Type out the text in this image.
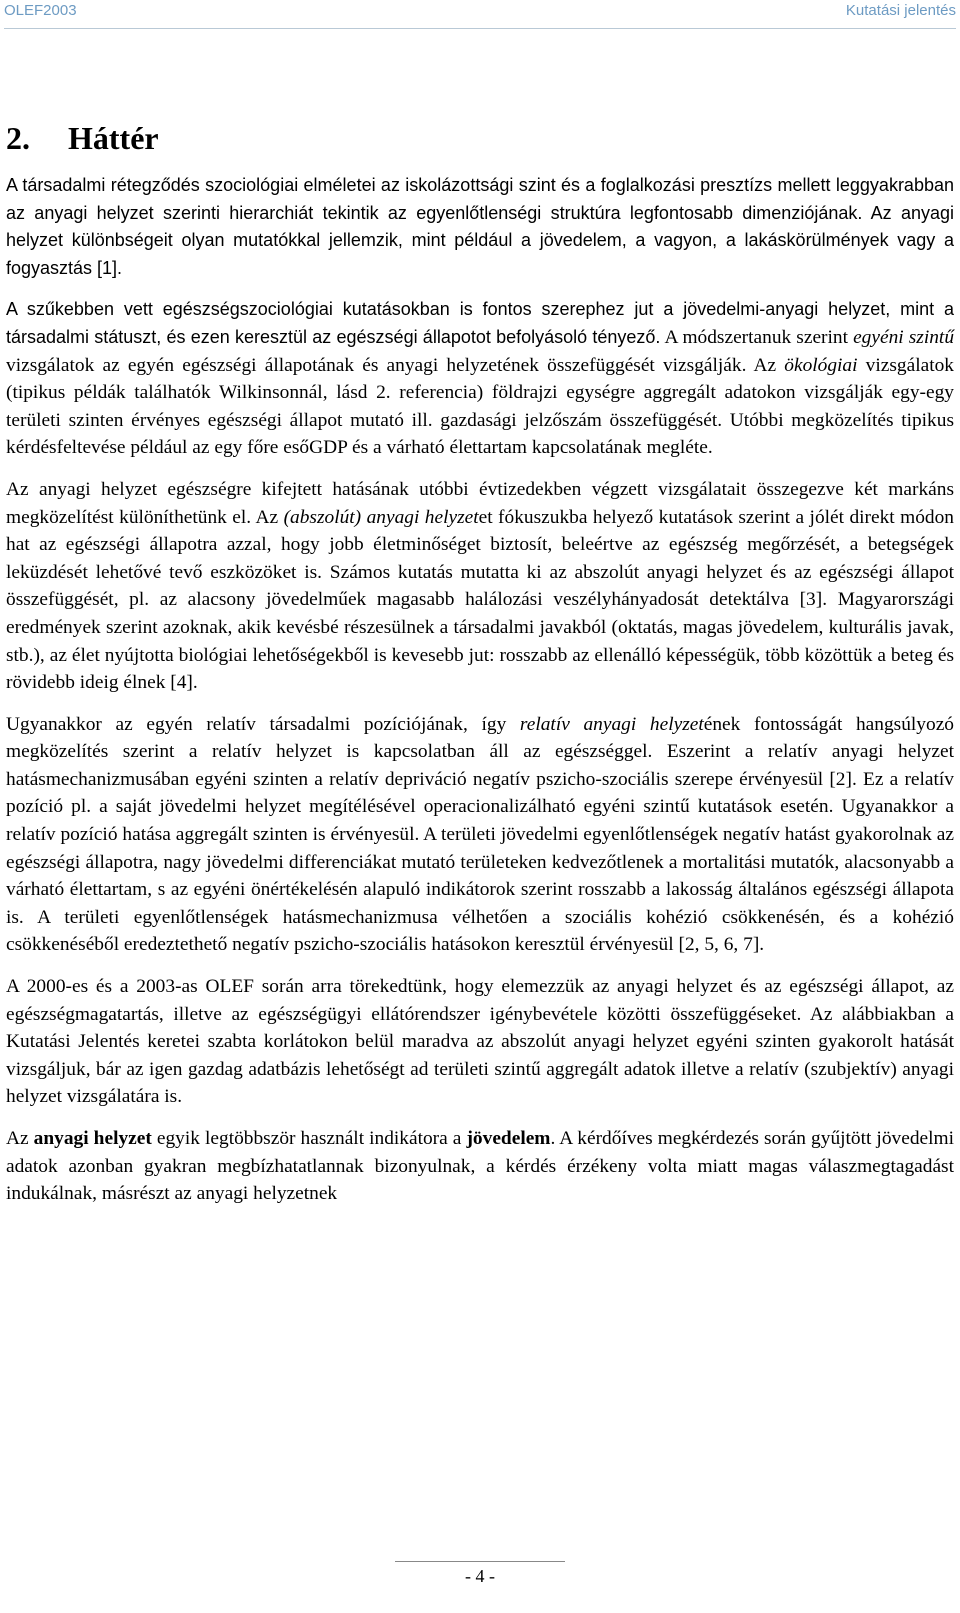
OLEF2003	Kutatási jelentés
2. Háttér

A társadalmi rétegződés szociológiai elméletei az iskolázottsági szint és a foglalkozási presztízs mellett leggyakrabban az anyagi helyzet szerinti hierarchiát tekintik az egyenlőtlenségi struktúra legfontosabb dimenziójának. Az anyagi helyzet különbségeit olyan mutatókkal jellemzik, mint például a jövedelem, a vagyon, a lakáskörülmények vagy a fogyasztás [1].

A szűkebben vett egészségszociológiai kutatásokban is fontos szerephez jut a jövedelmi-anyagi helyzet, mint a társadalmi státuszt, és ezen keresztül az egészségi állapotot befolyásoló tényező. A módszertanuk szerint egyéni szintű vizsgálatok az egyén egészségi állapotának és anyagi helyzetének összefüggését vizsgálják. Az ökológiai vizsgálatok (tipikus példák találhatók Wilkinsonnál, lásd 2. referencia) földrajzi egységre aggregált adatokon vizsgálják egy-egy területi szinten érvényes egészségi állapot mutató ill. gazdasági jelzőszám összefüggését. Utóbbi megközelítés tipikus kérdésfeltevése például az egy főre esőGDP és a várható élettartam kapcsolatának megléte.

Az anyagi helyzet egészségre kifejtett hatásának utóbbi évtizedekben végzett vizsgálatait összegezve két markáns megközelítést különíthetünk el. Az (abszolút) anyagi helyzetet fókuszukba helyező kutatások szerint a jólét direkt módon hat az egészségi állapotra azzal, hogy jobb életminőséget biztosít, beleértve az egészség megőrzését, a betegségek leküzdését lehetővé tevő eszközöket is. Számos kutatás mutatta ki az abszolút anyagi helyzet és az egészségi állapot összefüggését, pl. az alacsony jövedelműek magasabb halálozási veszélyhányadosát detektálva [3]. Magyarországi eredmények szerint azoknak, akik kevésbé részesülnek a társadalmi javakból (oktatás, magas jövedelem, kulturális javak, stb.), az élet nyújtotta biológiai lehetőségekből is kevesebb jut: rosszabb az ellenálló képességük, több közöttük a beteg és rövidebb ideig élnek [4].

Ugyanakkor az egyén relatív társadalmi pozíciójának, így relatív anyagi helyzetének fontosságát hangsúlyozó megközelítés szerint a relatív helyzet is kapcsolatban áll az egészséggel. Eszerint a relatív anyagi helyzet hatásmechanizmusában egyéni szinten a relatív depriváció negatív pszicho-szociális szerepe érvényesül [2]. Ez a relatív pozíció pl. a saját jövedelmi helyzet megítélésével operacionalizálható egyéni szintű kutatások esetén. Ugyanakkor a relatív pozíció hatása aggregált szinten is érvényesül. A területi jövedelmi egyenlőtlenségek negatív hatást gyakorolnak az egészségi állapotra, nagy jövedelmi differenciákat mutató területeken kedvezőtlenek a mortalitási mutatók, alacsonyabb a várható élettartam, s az egyéni önértékelésén alapuló indikátorok szerint rosszabb a lakosság általános egészségi állapota is. A területi egyenlőtlenségek hatásmechanizmusa vélhetően a szociális kohézió csökkenésén, és a kohézió csökkenéséből eredeztethető negatív pszicho-szociális hatásokon keresztül érvényesül [2, 5, 6, 7].

A 2000-es és a 2003-as OLEF során arra törekedtünk, hogy elemezzük az anyagi helyzet és az egészségi állapot, az egészségmagatartás, illetve az egészségügyi ellátórendszer igénybevétele közötti összefüggéseket. Az alábbiakban a Kutatási Jelentés keretei szabta korlátokon belül maradva az abszolút anyagi helyzet egyéni szinten gyakorolt hatását vizsgáljuk, bár az igen gazdag adatbázis lehetőségt ad területi szintű aggregált adatok illetve a relatív (szubjektív) anyagi helyzet vizsgálatára is.

Az anyagi helyzet egyik legtöbbször használt indikátora a jövedelem. A kérdőíves megkérdezés során gyűjtött jövedelmi adatok azonban gyakran megbízhatatlannak bizonyulnak, a kérdés érzékeny volta miatt magas válaszmegtagadást indukálnak, másrészt az anyagi helyzetnek

- 4 -
